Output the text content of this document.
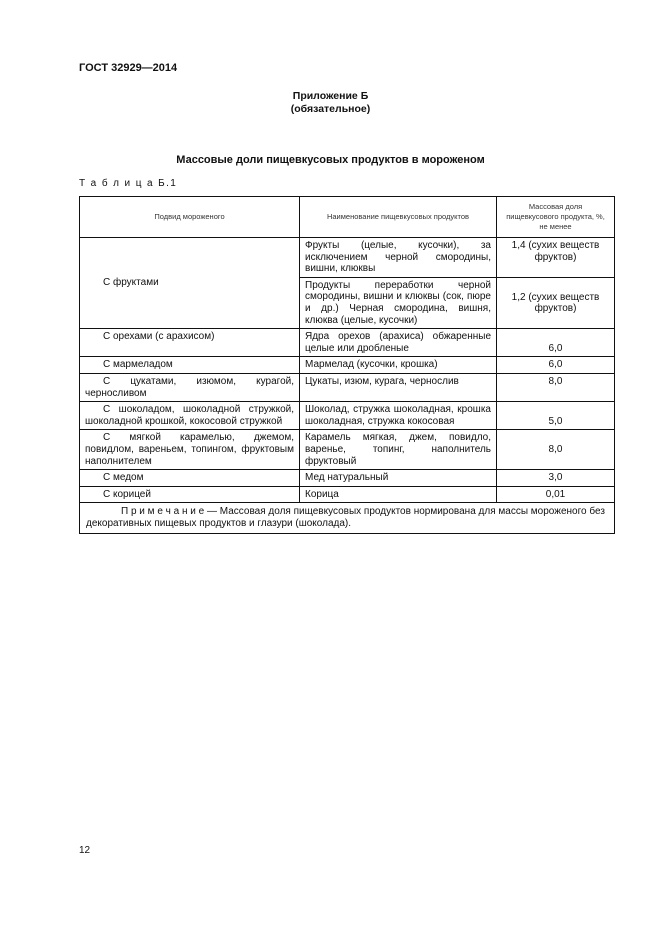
ГОСТ 32929—2014
Приложение Б
(обязательное)
Массовые доли пищевкусовых продуктов в мороженом
Т а б л и ц а Б.1
Подвид мороженого	Наименование пищевкусовых продуктов	Массовая доля пищевкусового продукта, %, не менее
С фруктами	Фрукты (целые, кусочки), за исключением черной смородины, вишни, клюквы	1,4 (сухих веществ фруктов)
	Продукты переработки черной смородины, вишни и клюквы (сок, пюре и др.) Черная смородина, вишня, клюква (целые, кусочки)	1,2 (сухих веществ фруктов)
С орехами (с арахисом)	Ядра орехов (арахиса) обжаренные целые или дробленые	6,0
С мармеладом	Мармелад (кусочки, крошка)	6,0
С цукатами, изюмом, курагой, черносливом	Цукаты, изюм, курага, чернослив	8,0
С шоколадом, шоколадной стружкой, шоколадной крошкой, кокосовой стружкой	Шоколад, стружка шоколадная, крошка шоколадная, стружка кокосовая	5,0
С мягкой карамелью, джемом, повидлом, вареньем, топингом, фруктовым наполнителем	Карамель мягкая, джем, повидло, варенье, топинг, наполнитель фруктовый	8,0
С медом	Мед натуральный	3,0
С корицей	Корица	0,01
П р и м е ч а н и е — Массовая доля пищевкусовых продуктов нормирована для массы мороженого без декоративных пищевых продуктов и глазури (шоколада).		
12
